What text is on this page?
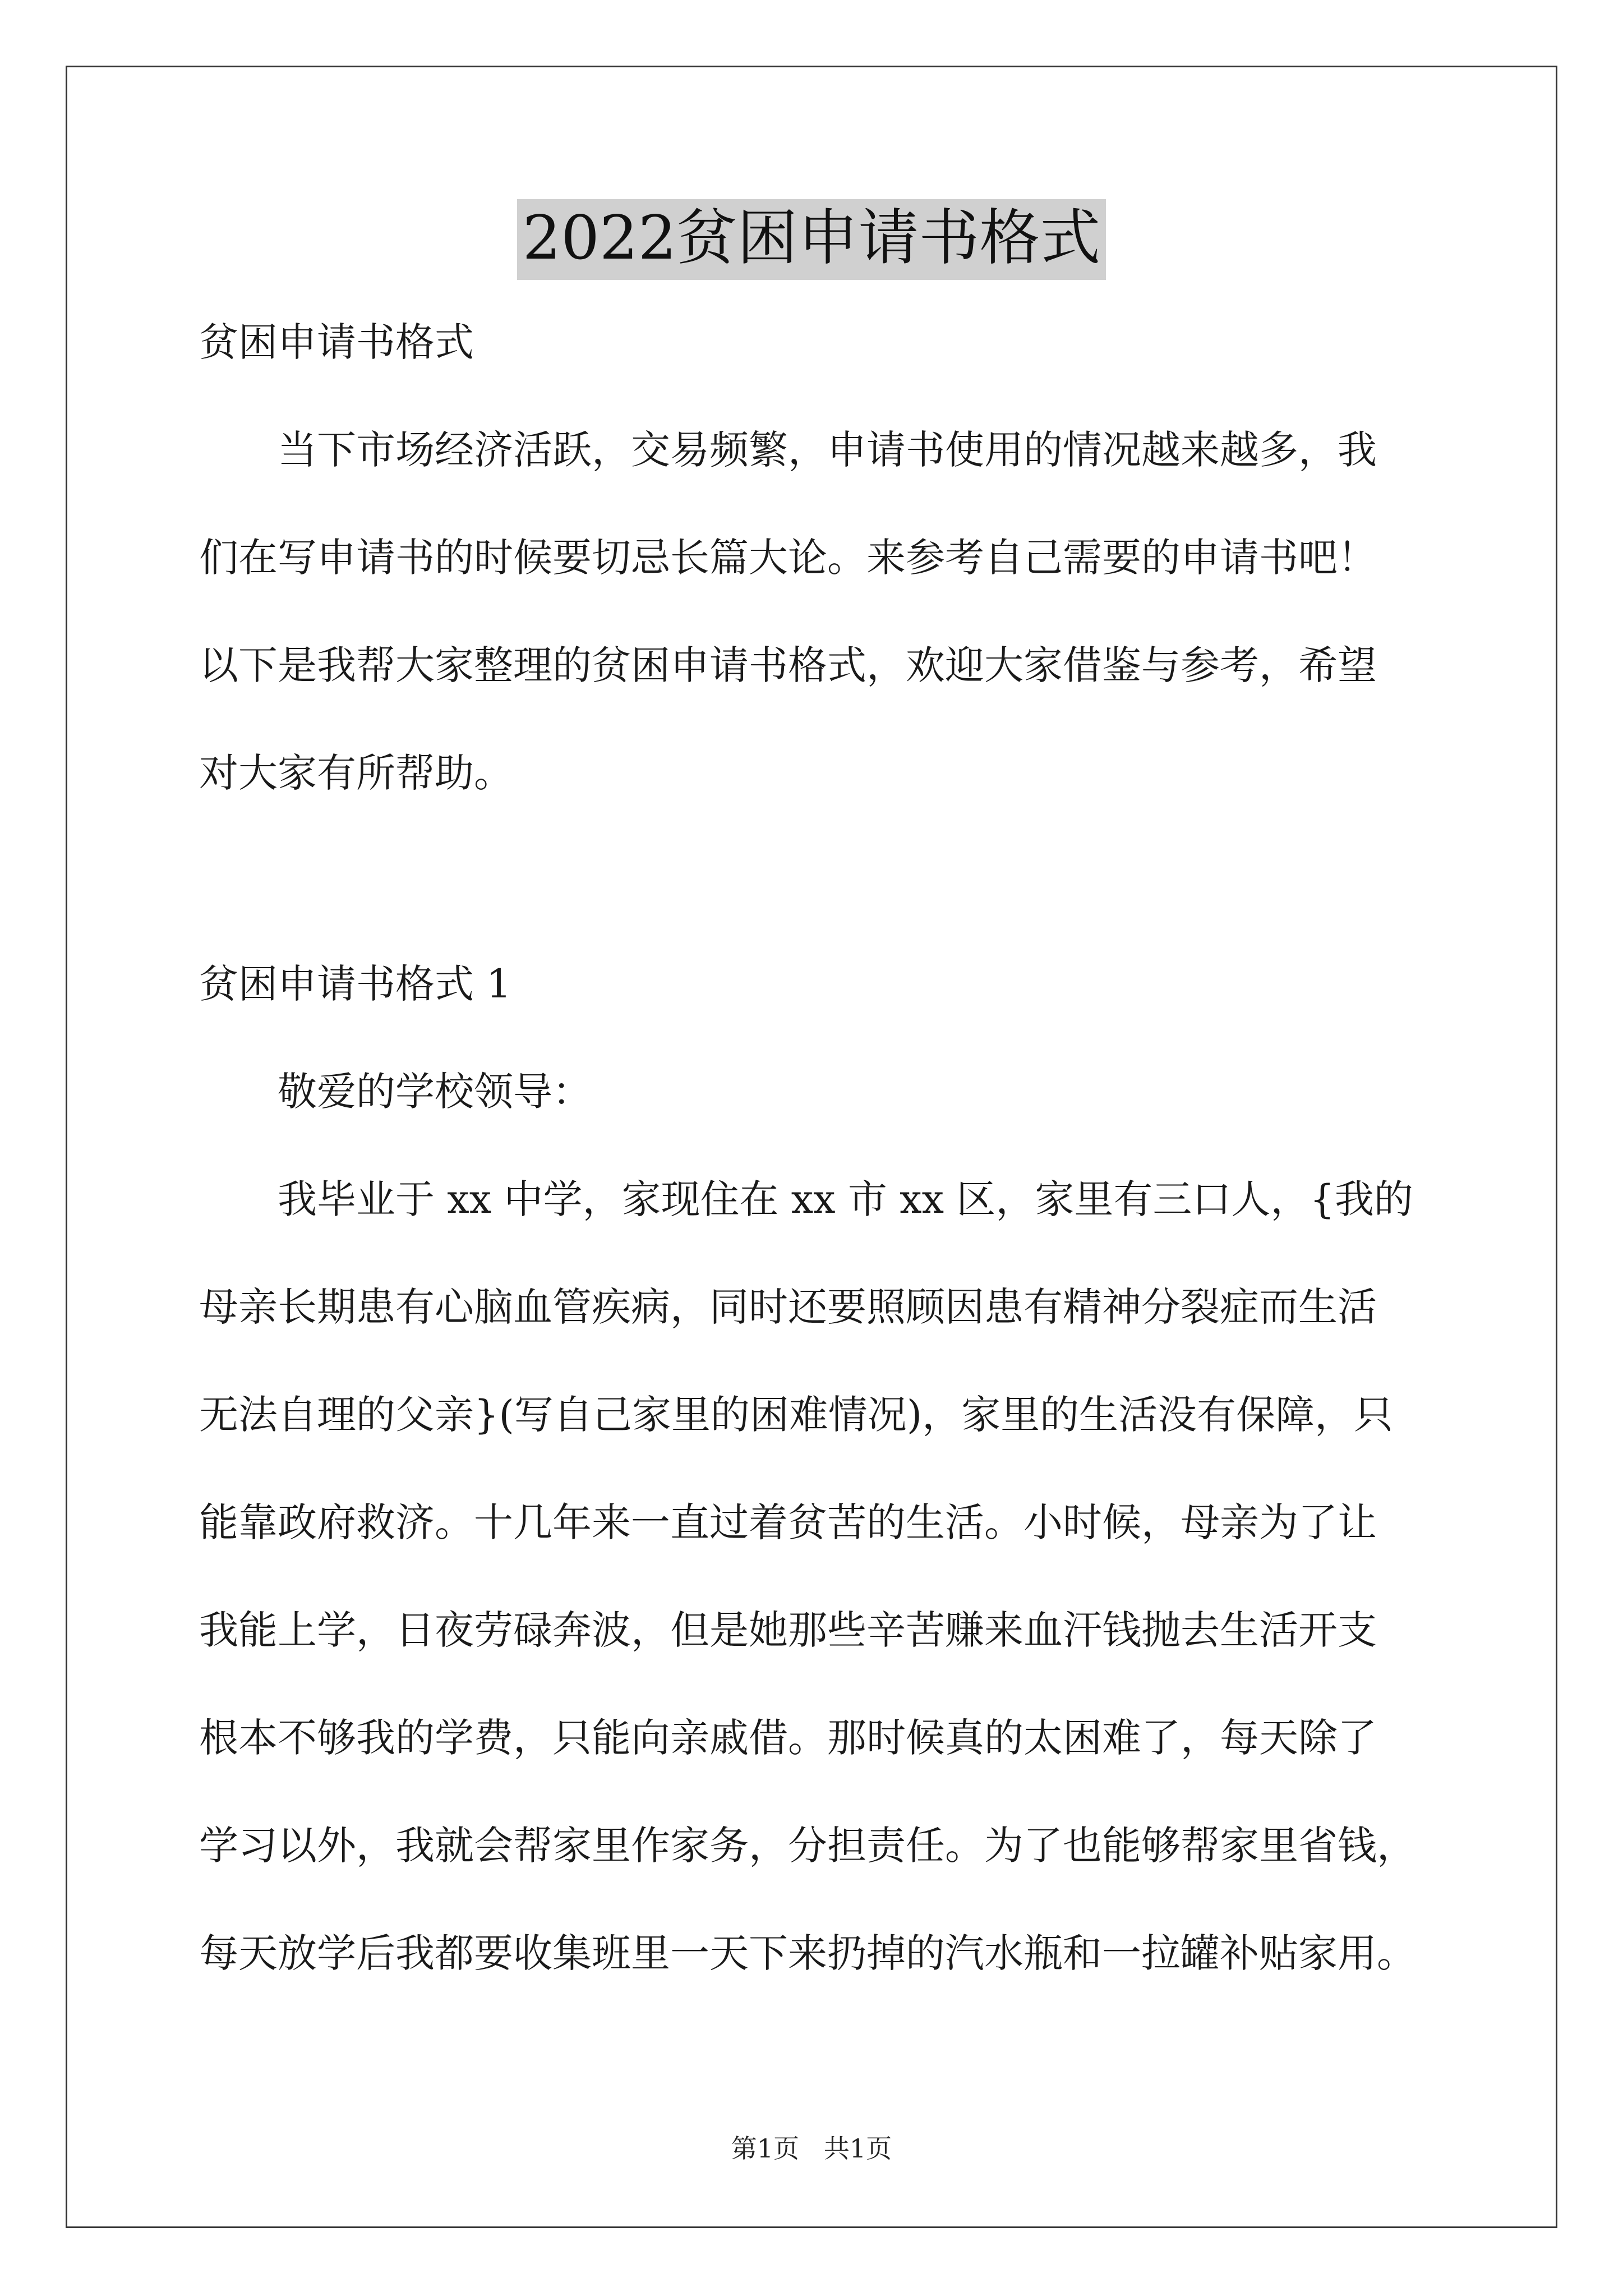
2022贫困申请书格式
贫困申请书格式
当下市场经济活跃，交易频繁，申请书使用的情况越来越多，我
们在写申请书的时候要切忌长篇大论。来参考自己需要的申请书吧！
以下是我帮大家整理的贫困申请书格式，欢迎大家借鉴与参考，希望
对大家有所帮助。
贫困申请书格式 1
敬爱的学校领导：
我毕业于 xx 中学，家现住在 xx 市 xx 区，家里有三口人，{我的
母亲长期患有心脑血管疾病，同时还要照顾因患有精神分裂症而生活
无法自理的父亲}(写自己家里的困难情况)，家里的生活没有保障，只
能靠政府救济。十几年来一直过着贫苦的生活。小时候，母亲为了让
我能上学，日夜劳碌奔波，但是她那些辛苦赚来血汗钱抛去生活开支
根本不够我的学费，只能向亲戚借。那时候真的太困难了，每天除了
学习以外，我就会帮家里作家务，分担责任。为了也能够帮家里省钱，
每天放学后我都要收集班里一天下来扔掉的汽水瓶和一拉罐补贴家用。
第1页   共1页
